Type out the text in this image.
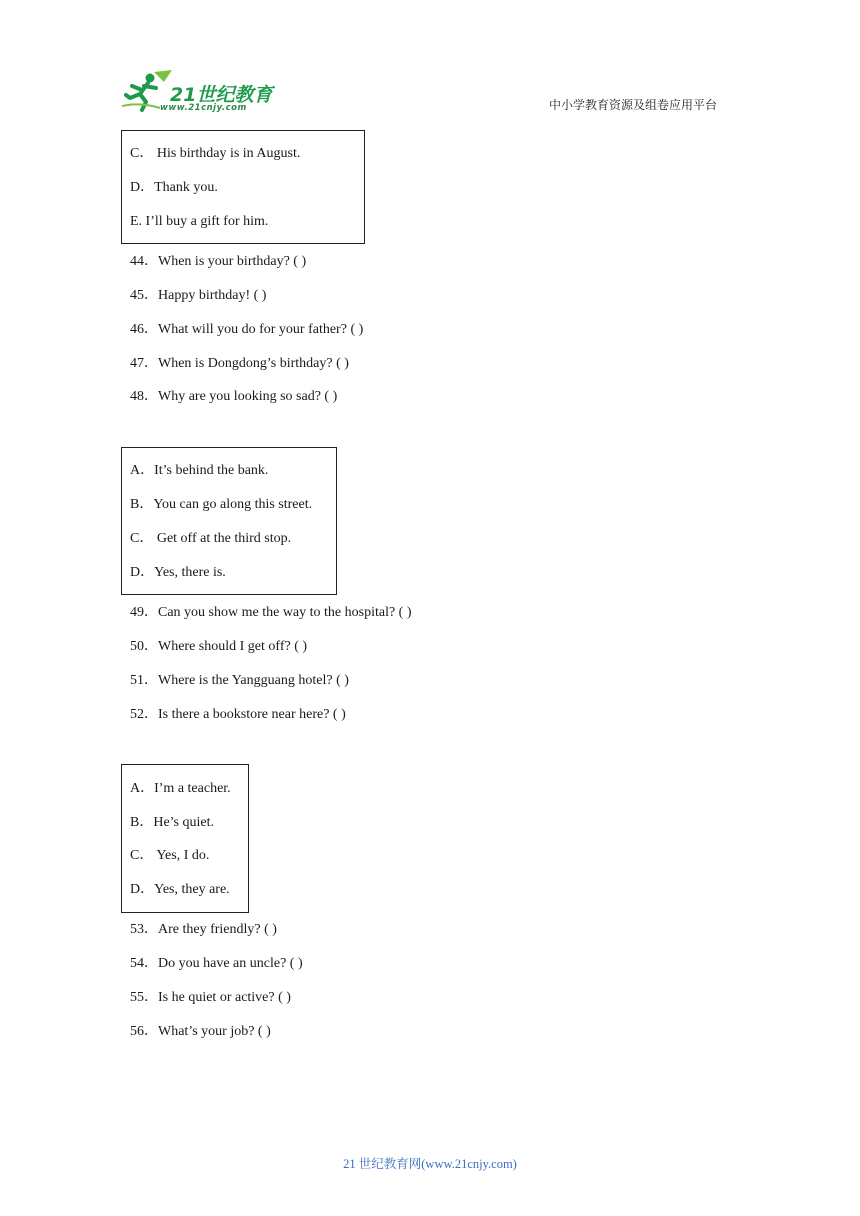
21世纪教育
www.21cnjy.com	中小学教育资源及组卷应用平台
C． His birthday is in August.
D．Thank you.
E. I’ll buy a gift for him.
44．When is your birthday? ( )
45．Happy birthday! ( )
46．What will you do for your father? ( )
47．When is Dongdong’s birthday? ( )
48．Why are you looking so sad? ( )
A．It’s behind the bank.
B．You can go along this street.
C． Get off at the third stop.
D．Yes, there is.
49．Can you show me the way to the hospital? ( )
50．Where should I get off? ( )
51．Where is the Yangguang hotel? ( )
52．Is there a bookstore near here? ( )
A．I’m a teacher.
B．He’s quiet.
C． Yes, I do.
D．Yes, they are.
53．Are they friendly? ( )
54．Do you have an uncle? ( )
55．Is he quiet or active? ( )
56．What’s your job? ( )
21 世纪教育网(www.21cnjy.com)
